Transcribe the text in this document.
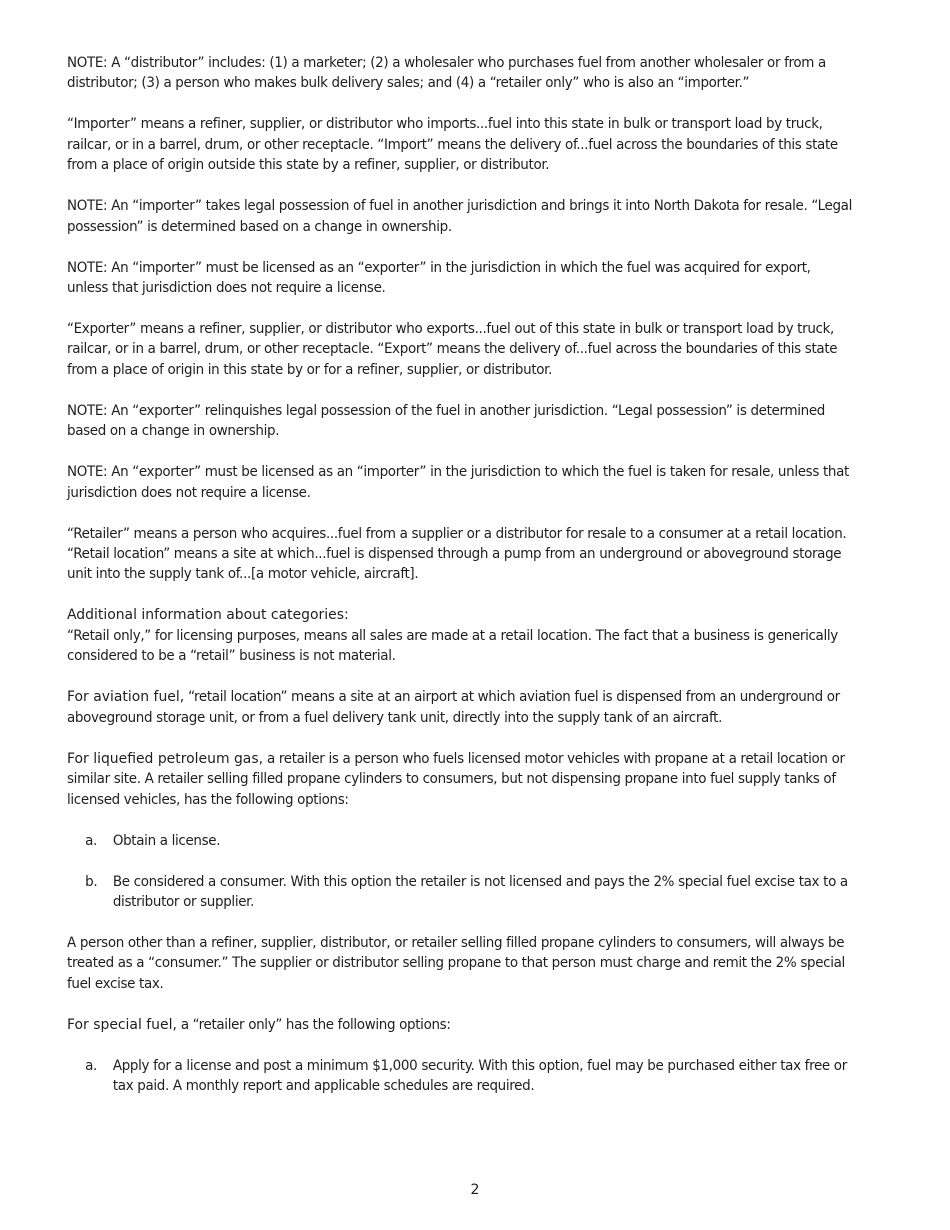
NOTE: A “distributor” includes: (1) a marketer; (2) a wholesaler who purchases fuel from another wholesaler or from a distributor; (3) a person who makes bulk delivery sales; and (4) a “retailer only” who is also an “importer.”

“Importer” means a refiner, supplier, or distributor who imports...fuel into this state in bulk or transport load by truck, railcar, or in a barrel, drum, or other receptacle. “Import” means the delivery of...fuel across the boundaries of this state from a place of origin outside this state by a refiner, supplier, or distributor.

NOTE: An “importer” takes legal possession of fuel in another jurisdiction and brings it into North Dakota for resale. “Legal possession” is determined based on a change in ownership.

NOTE: An “importer” must be licensed as an “exporter” in the jurisdiction in which the fuel was acquired for export, unless that jurisdiction does not require a license.

“Exporter” means a refiner, supplier, or distributor who exports...fuel out of this state in bulk or transport load by truck, railcar, or in a barrel, drum, or other receptacle. “Export” means the delivery of...fuel across the boundaries of this state from a place of origin in this state by or for a refiner, supplier, or distributor.

NOTE: An “exporter” relinquishes legal possession of the fuel in another jurisdiction. “Legal possession” is determined based on a change in ownership.

NOTE: An “exporter” must be licensed as an “importer” in the jurisdiction to which the fuel is taken for resale, unless that jurisdiction does not require a license.

“Retailer” means a person who acquires...fuel from a supplier or a distributor for resale to a consumer at a retail location. “Retail location” means a site at which...fuel is dispensed through a pump from an underground or aboveground storage unit into the supply tank of...[a motor vehicle, aircraft].

Additional information about categories:

“Retail only,” for licensing purposes, means all sales are made at a retail location. The fact that a business is generically considered to be a “retail” business is not material.

For aviation fuel, “retail location” means a site at an airport at which aviation fuel is dispensed from an underground or aboveground storage unit, or from a fuel delivery tank unit, directly into the supply tank of an aircraft.

For liquefied petroleum gas, a retailer is a person who fuels licensed motor vehicles with propane at a retail location or similar site. A retailer selling filled propane cylinders to consumers, but not dispensing propane into fuel supply tanks of licensed vehicles, has the following options:

a. Obtain a license.
b. Be considered a consumer. With this option the retailer is not licensed and pays the 2% special fuel excise tax to a distributor or supplier.

A person other than a refiner, supplier, distributor, or retailer selling filled propane cylinders to consumers, will always be treated as a “consumer.” The supplier or distributor selling propane to that person must charge and remit the 2% special fuel excise tax.

For special fuel, a “retailer only” has the following options:

a. Apply for a license and post a minimum $1,000 security. With this option, fuel may be purchased either tax free or tax paid. A monthly report and applicable schedules are required.
2
